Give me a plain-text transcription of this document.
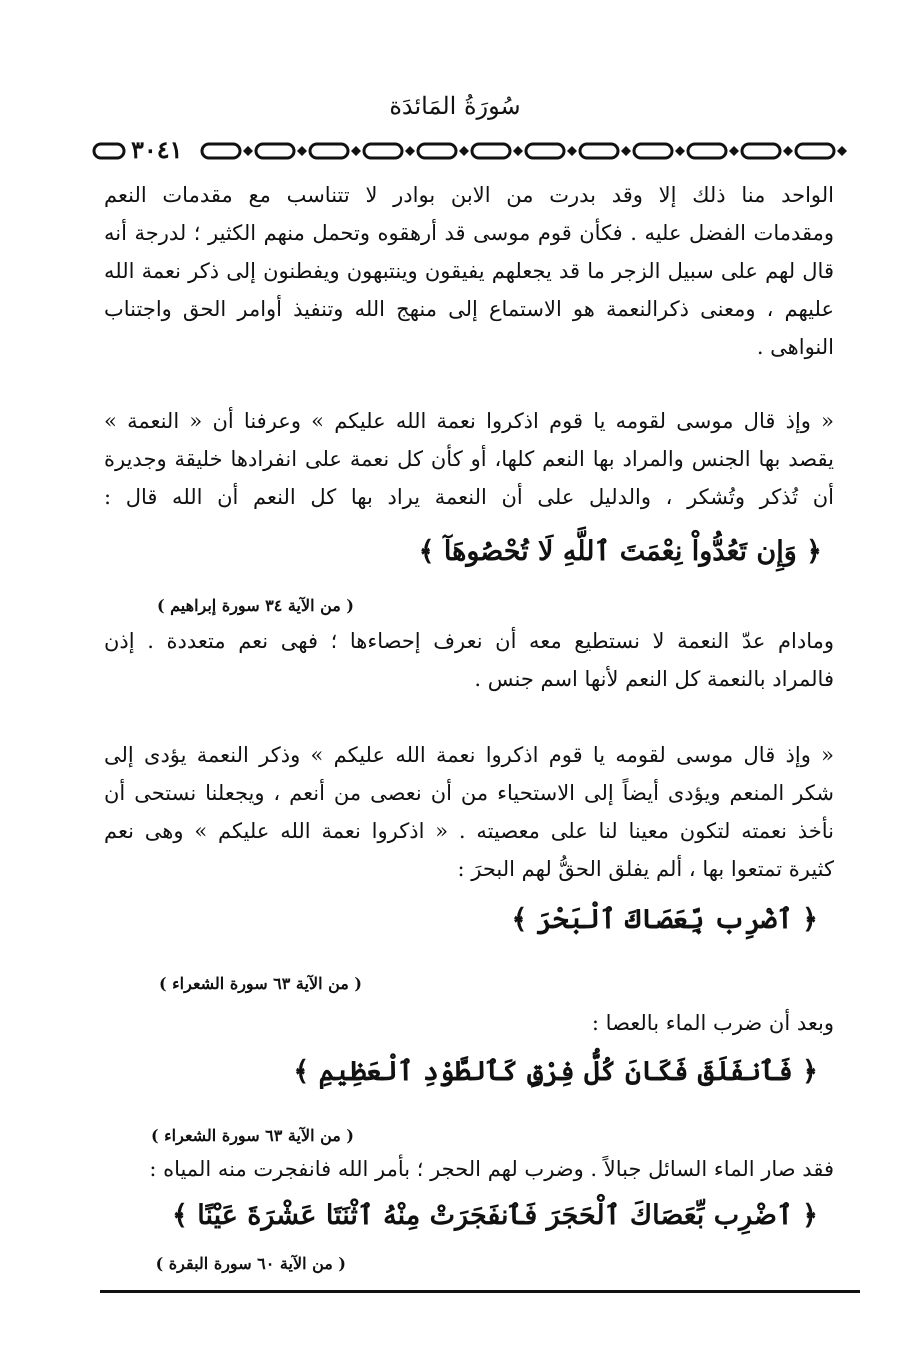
سُورَةُ المَائدَة
٣٠٤١
الواحد منا ذلك إلا وقد بدرت من الابن بوادر لا تتناسب مع مقدمات النعم
ومقدمات الفضل عليه . فكأن قوم موسى قد أرهقوه وتحمل منهم الكثير ؛ لدرجة أنه
قال لهم على سبيل الزجر ما قد يجعلهم يفيقون وينتبهون ويفطنون إلى ذكر نعمة الله
عليهم ، ومعنى ذكرالنعمة هو الاستماع إلى منهج الله وتنفيذ أوامر الحق واجتناب
النواهى .
« وإذ قال موسى لقومه يا قوم اذكروا نعمة الله عليكم » وعرفنا أن « النعمة »
يقصد بها الجنس والمراد بها النعم كلها، أو كأن كل نعمة على انفرادها خليقة وجديرة
أن تُذكر وتُشكر ، والدليل على أن النعمة يراد بها كل النعم أن الله قال :
﴿ وَإِن تَعُدُّواْ نِعْمَتَ ٱللَّهِ لَا تُحْصُوهَآ ﴾
( من الآية ٣٤ سورة إبراهيم )
ومادام عدّ النعمة لا نستطيع معه أن نعرف إحصاءها ؛ فهى نعم متعددة . إذن
فالمراد بالنعمة كل النعم لأنها اسم جنس .
« وإذ قال موسى لقومه يا قوم اذكروا نعمة الله عليكم » وذكر النعمة يؤدى إلى
شكر المنعم ويؤدى أيضاً إلى الاستحياء من أن نعصى من أنعم ، ويجعلنا نستحى أن
نأخذ نعمته لتكون معينا لنا على معصيته . « اذكروا نعمة الله عليكم » وهى نعم
كثيرة تمتعوا بها ، ألم يفلق الحقُّ لهم البحرَ :
﴿ ٱضْرِب بِّعَصَاكَ ٱلْبَحْرَ ﴾
( من الآية ٦٣ سورة الشعراء )
وبعد أن ضرب الماء بالعصا :
﴿ فَٱنفَلَقَ فَكَانَ كُلُّ فِرْقٍ كَٱلطَّوْدِ ٱلْعَظِيمِ ﴾
( من الآية ٦٣ سورة الشعراء )
فقد صار الماء السائل جبالاً . وضرب لهم الحجر ؛ بأمر الله فانفجرت منه المياه :
﴿ ٱضْرِب بِّعَصَاكَ ٱلْحَجَرَ فَٱنفَجَرَتْ مِنْهُ ٱثْنَتَا عَشْرَةَ عَيْنًا ﴾
( من الآية ٦٠ سورة البقرة )
